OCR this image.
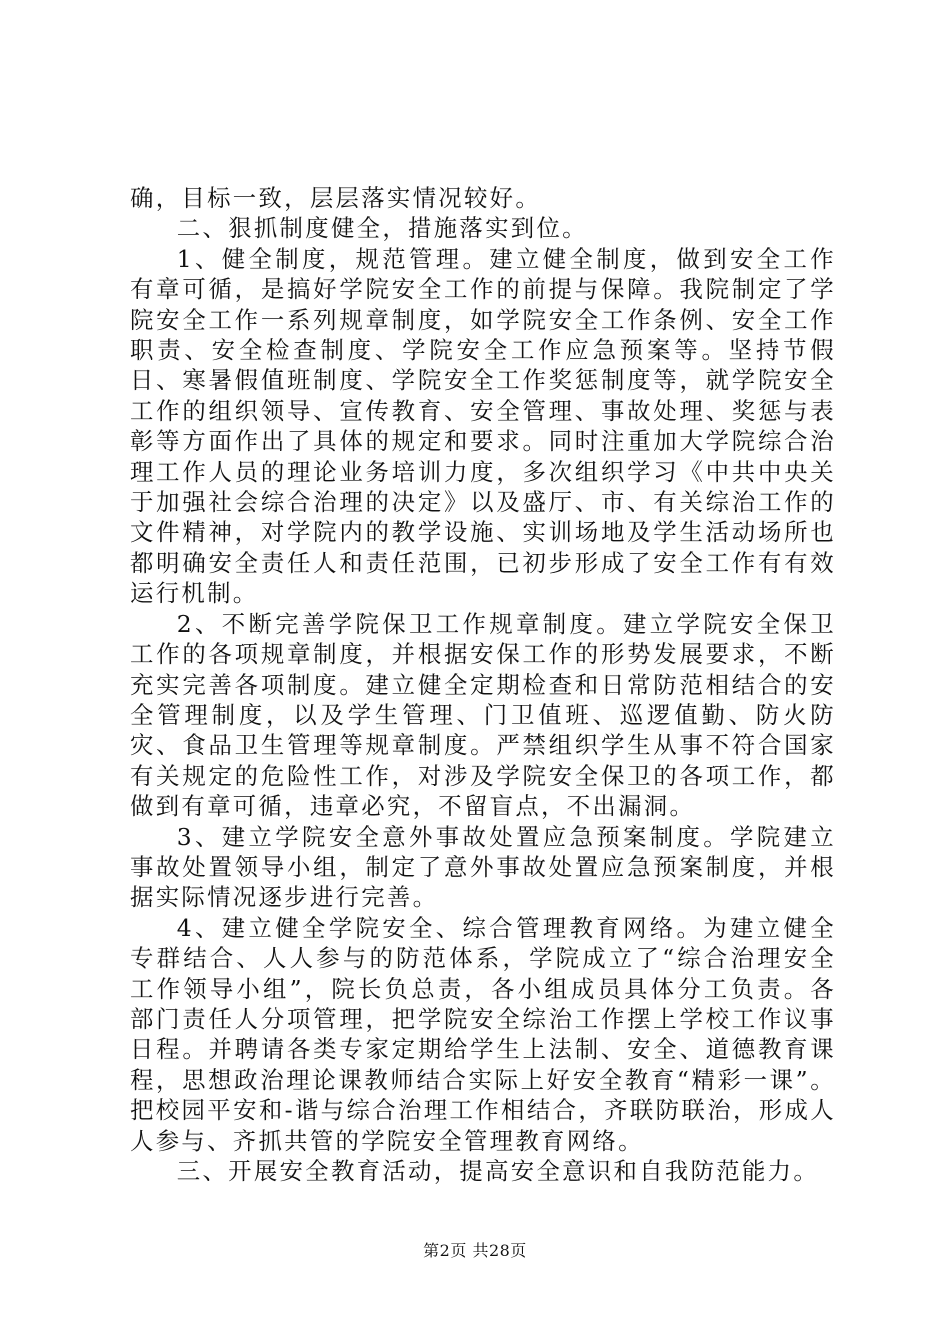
确，目标一致，层层落实情况较好。

二、狠抓制度健全，措施落实到位。

1、健全制度，规范管理。建立健全制度，做到安全工作有章可循，是搞好学院安全工作的前提与保障。我院制定了学院安全工作一系列规章制度，如学院安全工作条例、安全工作职责、安全检查制度、学院安全工作应急预案等。坚持节假日、寒暑假值班制度、学院安全工作奖惩制度等，就学院安全工作的组织领导、宣传教育、安全管理、事故处理、奖惩与表彰等方面作出了具体的规定和要求。同时注重加大学院综合治理工作人员的理论业务培训力度，多次组织学习《中共中央关于加强社会综合治理的决定》以及盛厅、市、有关综治工作的文件精神，对学院内的教学设施、实训场地及学生活动场所也都明确安全责任人和责任范围，已初步形成了安全工作有有效运行机制。

2、不断完善学院保卫工作规章制度。建立学院安全保卫工作的各项规章制度，并根据安保工作的形势发展要求，不断充实完善各项制度。建立健全定期检查和日常防范相结合的安全管理制度，以及学生管理、门卫值班、巡逻值勤、防火防灾、食品卫生管理等规章制度。严禁组织学生从事不符合国家有关规定的危险性工作，对涉及学院安全保卫的各项工作，都做到有章可循，违章必究，不留盲点，不出漏洞。

3、建立学院安全意外事故处置应急预案制度。学院建立事故处置领导小组，制定了意外事故处置应急预案制度，并根据实际情况逐步进行完善。

4、建立健全学院安全、综合管理教育网络。为建立健全专群结合、人人参与的防范体系，学院成立了“综合治理安全工作领导小组”，院长负总责，各小组成员具体分工负责。各部门责任人分项管理，把学院安全综治工作摆上学校工作议事日程。并聘请各类专家定期给学生上法制、安全、道德教育课程，思想政治理论课教师结合实际上好安全教育“精彩一课”。把校园平安和-谐与综合治理工作相结合，齐联防联治，形成人人参与、齐抓共管的学院安全管理教育网络。

三、开展安全教育活动，提高安全意识和自我防范能力。

第2页 共28页
